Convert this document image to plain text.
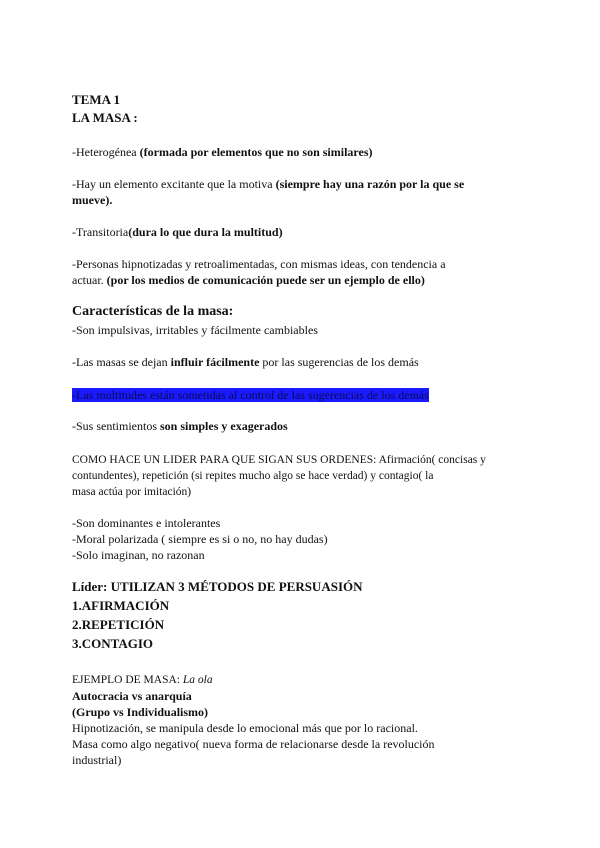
TEMA 1
LA MASA :
-Heterogénea (formada por elementos que no son similares)
-Hay un elemento excitante que la motiva (siempre hay una razón por la que se
mueve).
-Transitoria(dura lo que dura la multitud)
-Personas hipnotizadas y retroalimentadas, con mismas ideas, con tendencia a
actuar. (por los medios de comunicación puede ser un ejemplo de ello)
Características de la masa:
-Son impulsivas, irritables y fácilmente cambiables
-Las masas se dejan influir fácilmente por las sugerencias de los demás
-Las multitudes están sometidas al control de las sugerencias de los demás
-Sus sentimientos son simples y exagerados
COMO HACE UN LIDER PARA QUE SIGAN SUS ORDENES: Afirmación( concisas y
contundentes), repetición (si repites mucho algo se hace verdad) y contagio( la
masa actúa por imitación)
-Son dominantes e intolerantes
-Moral polarizada ( siempre es si o no, no hay dudas)
-Solo imaginan, no razonan
Líder: UTILIZAN 3 MÉTODOS DE PERSUASIÓN
1.AFIRMACIÓN
2.REPETICIÓN
3.CONTAGIO
EJEMPLO DE MASA: La ola
Autocracia vs anarquía
(Grupo vs Individualismo)
Hipnotización, se manipula desde lo emocional más que por lo racional.
Masa como algo negativo( nueva forma de relacionarse desde la revolución
industrial)
